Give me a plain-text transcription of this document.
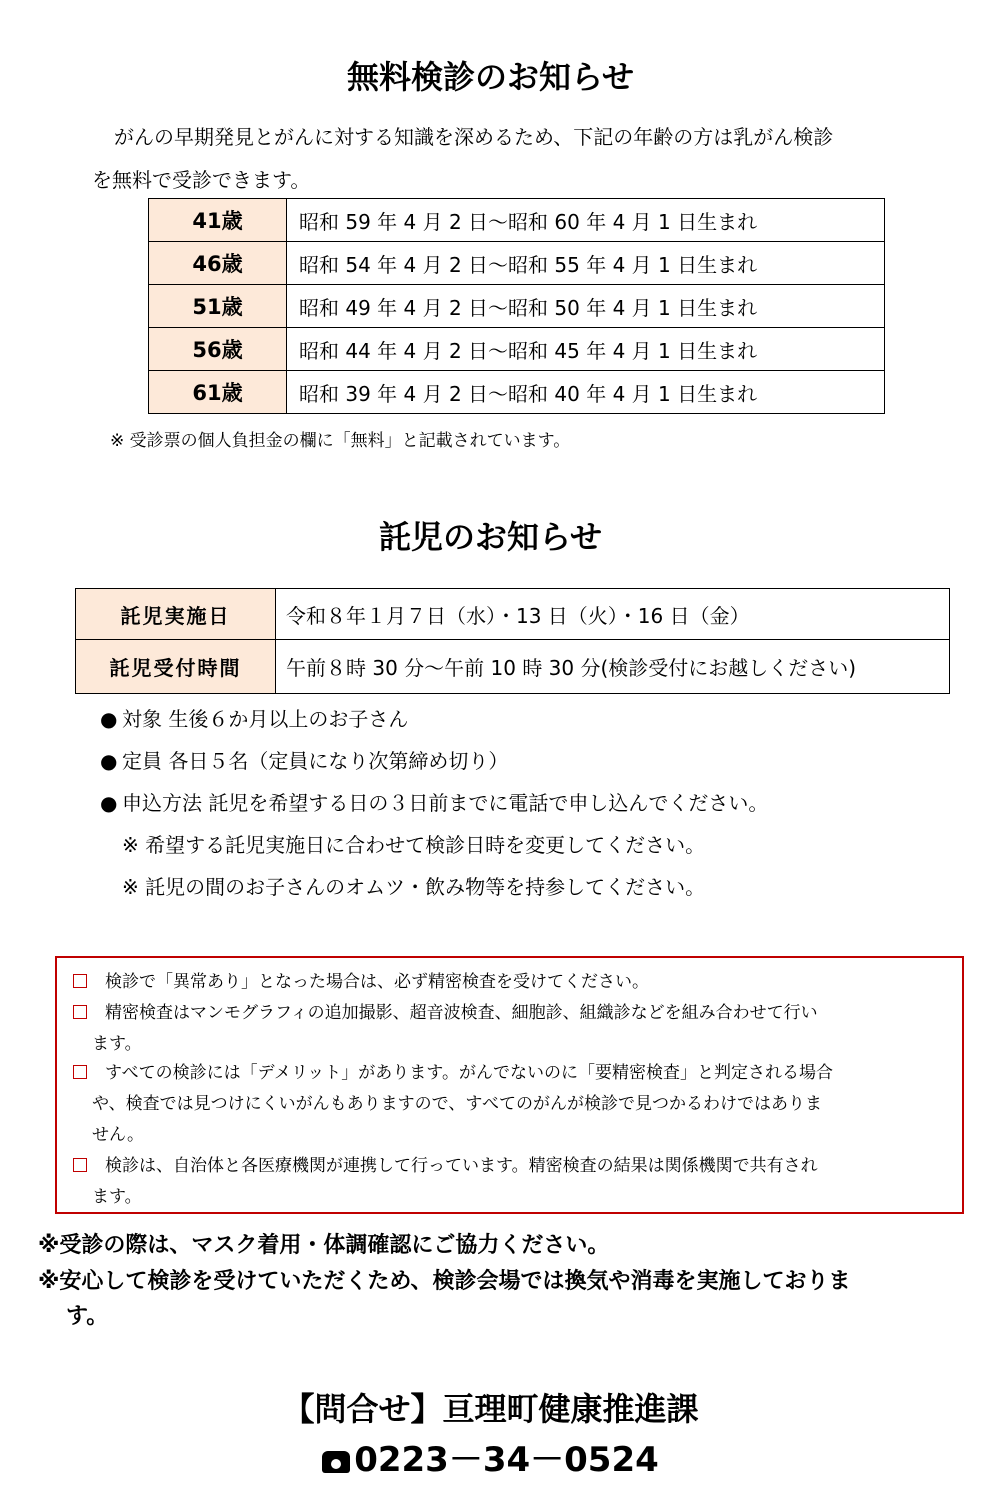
無料検診のお知らせ
がんの早期発見とがんに対する知識を深めるため、下記の年齢の方は乳がん検診
を無料で受診できます。
41歳	昭和 59 年 4 月 2 日～昭和 60 年 4 月 1 日生まれ
46歳	昭和 54 年 4 月 2 日～昭和 55 年 4 月 1 日生まれ
51歳	昭和 49 年 4 月 2 日～昭和 50 年 4 月 1 日生まれ
56歳	昭和 44 年 4 月 2 日～昭和 45 年 4 月 1 日生まれ
61歳	昭和 39 年 4 月 2 日～昭和 40 年 4 月 1 日生まれ
※ 受診票の個人負担金の欄に「無料」と記載されています。
託児のお知らせ
託児実施日	令和８年１月７日（水）・13 日（火）・16 日（金）
託児受付時間	午前８時 30 分～午前 10 時 30 分(検診受付にお越しください)
● 対象 生後６か月以上のお子さん
● 定員 各日５名（定員になり次第締め切り）
● 申込方法 託児を希望する日の３日前までに電話で申し込んでください。
※ 希望する託児実施日に合わせて検診日時を変更してください。
※ 託児の間のお子さんのオムツ・飲み物等を持参してください。
検診で「異常あり」となった場合は、必ず精密検査を受けてください。
精密検査はマンモグラフィの追加撮影、超音波検査、細胞診、組織診などを組み合わせて行い
ます。
すべての検診には「デメリット」があります。がんでないのに「要精密検査」と判定される場合
や、検査では見つけにくいがんもありますので、すべてのがんが検診で見つかるわけではありま
せん。
検診は、自治体と各医療機関が連携して行っています。精密検査の結果は関係機関で共有され
ます。
※受診の際は、マスク着用・体調確認にご協力ください。
※安心して検診を受けていただくため、検診会場では換気や消毒を実施しておりま
す。
【問合せ】亘理町健康推進課
0223－34－0524
